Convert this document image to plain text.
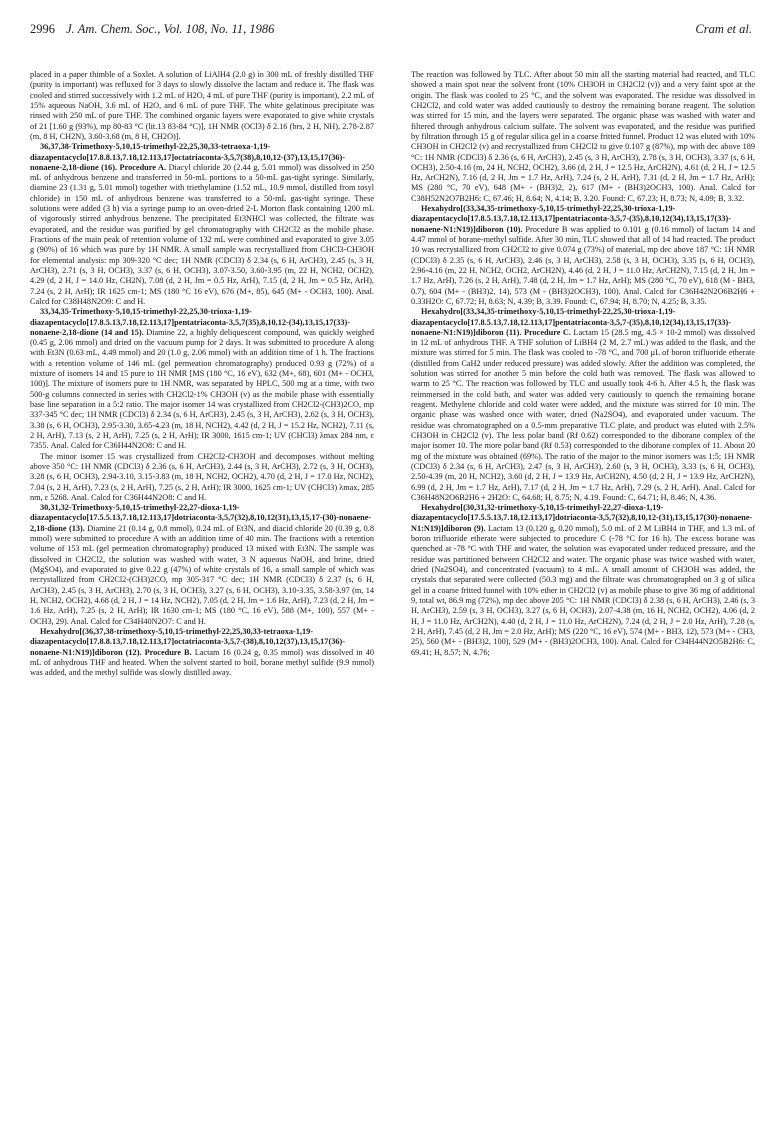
2996 J. Am. Chem. Soc., Vol. 108, No. 11, 1986	Cram et al.

placed in a paper thimble of a Soxlet. A solution of LiAlH4 (2.0 g) in 300 mL of freshly distilled THF (purity is important) was refluxed for 3 days to slowly dissolve the lactam and reduce it. The flask was cooled and stirred successively with 1.2 mL of H2O, 4 mL of pure THF (purity is important), 2.2 mL of 15% aqueous NaOH, 3.6 mL of H2O, and 6 mL of pure THF. The white gelatinous precipitate was rinsed with 250 mL of pure THF. The combined organic layers were evaporated to give white crystals of 21 [1.60 g (93%), mp 80-83 °C (lit.13 83-84 °C)], 1H NMR (OCl3) δ 2.16 (brs, 2 H, NH), 2.78-2.87 (m, 8 H, CH2N), 3.60-3.68 (m, 8 H, CH2O)].

36,37,38-Trimethoxy-5,10,15-trimethyl-22,25,30,33-tetraoxa-1,19-diazapentacyclo[17.8.8.13,7.18,12.113,17]octatriaconta-3,5,7(38),8,10,12-(37),13,15,17(36)-nonaene-2,18-dione (16). Procedure A. Diacyl chloride 20 (2.44 g, 5.01 mmol) was dissolved in 250 mL of anhydrous benzene and transferred in 50-mL portions to a 50-mL gas-tight syringe. Similarly, diamine 23 (1.31 g, 5.01 mmol) together with triethylamine (1.52 mL, 10.9 mmol, distilled from tosyl chloride) in 150 mL of anhydrous benzene was transferred to a 50-mL gas-tight syringe. These solutions were added (3 h) via a syringe pump to an oven-dried 2-L Morton flask containing 1200 mL of vigorously stirred anhydrous benzene. The precipitated Et3NHCl was collected, the filtrate was evaporated, and the residue was purified by gel chromatography with CH2Cl2 as the mobile phase. Fractions of the main peak of retention volume of 132 mL were combined and evaporated to give 3.05 g (90%) of 16 which was pure by 1H NMR. A small sample was recrystallized from CHCl3-CH3OH for elemental analysis: mp 309-320 °C dec; 1H NMR (CDCl3) δ 2.34 (s, 6 H, ArCH3), 2.45 (s, 3 H, ArCH3), 2.71 (s, 3 H, OCH3), 3.37 (s, 6 H, OCH3), 3.07-3.50, 3.60-3.95 (m, 22 H, NCH2, OCH2), 4.29 (d, 2 H, J = 14.0 Hz, CH2N), 7.08 (d, 2 H, Jm = 0.5 Hz, ArH), 7.15 (d, 2 H, Jm = 0.5 Hz, ArH), 7.24 (s, 2 H, ArH); IR 1625 cm-1; MS (180 °C 16 eV), 676 (M+, 85), 645 (M+ - OCH3, 100). Anal. Calcd for C38H48N2O9: C and H.

33,34,35-Trimethoxy-5,10,15-trimethyl-22,25,30-trioxa-1,19-diazapentacyclo[17.8.5.13,7.18,12.113,17]pentatriaconta-3,5,7(35),8,10,12-(34),13,15,17(33)-nonaene-2,18-dione (14 and 15). Diamine 22, a highly deliquescent compound, was quickly weighed (0.45 g, 2.06 mmol) and dried on the vacuum pump for 2 days. It was submitted to procedure A along with Et3N (0.63 mL, 4.49 mmol) and 20 (1.0 g, 2.06 mmol) with an addition time of 1 h. The fractions with a retention volume of 146 mL (gel permeation chromatography) produced 0.93 g (72%) of a mixture of isomers 14 and 15 pure to 1H NMR [MS (180 °C, 16 eV), 632 (M+, 68), 601 (M+ - OCH3, 100)]. The mixture of isomers pure to 1H NMR, was separated by HPLC, 500 mg at a time, with two 500-g columns connected in series with CH2Cl2-1% CH3OH (v) as the mobile phase with essentially base line separation in a 5:2 ratio. The major isomer 14 was crystallized from CH2Cl2-(CH3)2CO, mp 337-345 °C dec; 1H NMR (CDCl3) δ 2.34 (s, 6 H, ArCH3), 2.45 (s, 3 H, ArCH3), 2.62 (s, 3 H, OCH3), 3.38 (s, 6 H, OCH3), 2.95-3.30, 3.65-4.23 (m, 18 H, NCH2), 4.42 (d, 2 H, J = 15.2 Hz, NCH2), 7.11 (s, 2 H, ArH), 7.13 (s, 2 H, ArH), 7.25 (s, 2 H, ArH); IR 3000, 1615 cm-1; UV (CHCl3) λmax 284 nm, ε 7355. Anal. Calcd for C36H44N2O8: C and H.

The minor isomer 15 was crystallized from CH2Cl2-CH3OH and decomposes without melting above 350 °C: 1H NMR (CDCl3) δ 2.36 (s, 6 H, ArCH3), 2.44 (s, 3 H, ArCH3), 2.72 (s, 3 H, OCH3), 3.28 (s, 6 H, OCH3), 2.94-3.10, 3.15-3.83 (m, 18 H, NCH2, OCH2), 4.70 (d, 2 H, J = 17.0 Hz, NCH2), 7.04 (s, 2 H, ArH), 7.23 (s, 2 H, ArH), 7.25 (s, 2 H, ArH); IR 3000, 1625 cm-1; UV (CHCl3) λmax, 285 nm, ε 5268. Anal. Calcd for C36H44N2O8: C and H.

30,31,32-Trimethoxy-5,10,15-trimethyl-22,27-dioxa-1,19-diazapentacyclo[17.5.5.13,7.18,12.113,17]dotriaconta-3,5,7(32),8,10,12(31),13,15,17-(30)-nonaene-2,18-dione (13). Diamine 21 (0.14 g, 0.8 mmol), 0.24 mL of Et3N, and diacid chloride 20 (0.39 g, 0.8 mmol) were submitted to procedure A with an addition time of 40 min. The fractions with a retention volume of 153 mL (gel permeation chromatography) produced 13 mixed with Et3N. The sample was dissolved in CH2Cl2, the solution was washed with water, 3 N aqueous NaOH, and brine, dried (MgSO4), and evaporated to give 0.22 g (47%) of white crystals of 16, a small sample of which was recrystallized from CH2Cl2-(CH3)2CO, mp 305-317 °C dec; 1H NMR (CDCl3) δ 2.37 (s, 6 H, ArCH3), 2.45 (s, 3 H, ArCH3), 2.70 (s, 3 H, OCH3), 3.27 (s, 6 H, OCH3), 3.10-3.35, 3.58-3.97 (m, 14 H, NCH2, OCH2), 4.68 (d, 2 H, J = 14 Hz, NCH2), 7.05 (d, 2 H, Jm = 1.6 Hz, ArH), 7.23 (d, 2 H, Jm = 1.6 Hz, ArH), 7.25 (s, 2 H, ArH); IR 1630 cm-1; MS (180 °C, 16 eV), 588 (M+, 100), 557 (M+ - OCH3, 29). Anal. Calcd for C34H40N2O7: C and H.

Hexahydro[(36,37,38-trimethoxy-5,10,15-trimethyl-22,25,30,33-tetraoxa-1,19-diazapentacyclo[17.8.8.13,7.18,12.113,17]octatriaconta-3,5,7-(38),8,10,12(37),13,15,17(36)-nonaene-N1:N19)]diboron (12). Procedure B. Lactam 16 (0.24 g, 0.35 mmol) was dissolved in 40 mL of anhydrous THF and heated. When the solvent started to boil, borane methyl sulfide (9.9 mmol) was added, and the methyl sulfide was slowly distilled away.

The reaction was followed by TLC. After about 50 min all the starting material had reacted, and TLC showed a main spot near the solvent front (10% CH3OH in CH2Cl2 (v)) and a very faint spot at the origin. The flask was cooled to 25 °C, and the solvent was evaporated. The residue was dissolved in CH2Cl2, and cold water was added cautiously to destroy the remaining borane reagent. The solution was stirred for 15 min, and the layers were separated. The organic phase was washed with water and filtered through anhydrous calcium sulfate. The solvent was evaporated, and the residue was purified by filtration through 15 g of regular silica gel in a coarse fritted funnel. Product 12 was eluted with 10% CH3OH in CH2Cl2 (v) and recrystallized from CH2Cl2 to give 0.107 g (87%), mp with dec above 189 °C: 1H NMR (CDCl3) δ 2.36 (s, 6 H, ArCH3), 2.45 (s, 3 H, ArCH3), 2.78 (s, 3 H, OCH3), 3.37 (s, 6 H, OCH3), 2.50-4.16 (m, 24 H, NCH2, OCH2), 3.66 (d, 2 H, J = 12.5 Hz, ArCH2N), 4.61 (d, 2 H, J = 12.5 Hz, ArCH2N), 7.16 (d, 2 H, Jm = 1.7 Hz, ArH), 7.24 (s, 2 H, ArH), 7.31 (d, 2 H, Jm = 1.7 Hz, ArH); MS (280 °C, 70 eV), 648 (M+ - (BH3)2, 2), 617 (M+ - (BH3)2OCH3, 100). Anal. Calcd for C38H52N2O7B2H6: C, 67.46; H, 8.64; N, 4.14; B, 3.20. Found: C, 67.23; H, 8.73; N, 4.09; B, 3.32.

Hexahydro[(33,34,35-trimethoxy-5,10,15-trimethyl-22,25,30-trioxa-1,19-diazapentacyclo[17.8.5.13,7.18,12.113,17]pentatriaconta-3,5,7-(35),8,10,12(34),13,15,17(33)-nonaene-N1:N19)]diboron (10). Procedure B was applied to 0.101 g (0.16 mmol) of lactam 14 and 4.47 mmol of borane-methyl sulfide. After 30 min, TLC showed that all of 14 had reacted. The product 10 was recrystallized from CH2Cl2 to give 0.074 g (73%) of material, mp dec above 187 °C: 1H NMR (CDCl3) δ 2.35 (s, 6 H, ArCH3), 2.46 (s, 3 H, ArCH3), 2.58 (s, 3 H, OCH3), 3.35 (s, 6 H, OCH3), 2.96-4.16 (m, 22 H, NCH2, OCH2, ArCH2N), 4.46 (d, 2 H, J = 11.0 Hz, ArCH2N), 7.15 (d, 2 H, Jm = 1.7 Hz, ArH), 7.26 (s, 2 H, ArH), 7.48 (d, 2 H, Jm = 1.7 Hz, ArH); MS (280 °C, 70 eV), 618 (M - BH3, 0.7), 604 (M+ - (BH3)2, 14), 573 (M - (BH3)2OCH3), 100). Anal. Calcd for C36H42N2O6B2H6 + 0.33H2O: C, 67.72; H, 8.63; N, 4.39; B, 3.39. Found: C, 67.94; H, 8.70; N, 4.25; B, 3.35.

Hexahydro[(33,34,35-trimethoxy-5,10,15-trimethyl-22,25,30-trioxa-1,19-diazapentacyclo[17.8.5.13,7.18,12.113,17]pentatriaconta-3,5,7-(35),8,10,12(34),13,15,17(33)-nonaene-N1:N19)]diboron (11). Procedure C. Lactam 15 (28.5 mg, 4.5 × 10-2 mmol) was dissolved in 12 mL of anhydrous THF. A THF solution of LiBH4 (2 M, 2.7 mL) was added to the flask, and the mixture was stirred for 5 min. The flask was cooled to -78 °C, and 700 μL of boron trifluoride etherate (distilled from CaH2 under reduced pressure) was added slowly. After the addition was completed, the solution was stirred for another 5 min before the cold bath was removed. The flask was allowed to warm to 25 °C. The reaction was followed by TLC and usually took 4-6 h. After 4.5 h, the flask was reimmersed in the cold bath, and water was added very cautiously to quench the remaining borane reagent. Methylene chloride and cold water were added, and the mixture was stirred for 10 min. The organic phase was washed once with water, dried (Na2SO4), and evaporated under vacuum. The residue was chromatographed on a 0.5-mm preparative TLC plate, and product was eluted with 2.5% CH3OH in CH2Cl2 (v). The less polar band (Rf 0.62) corresponded to the diborane complex of the major isomer 10. The more polar band (Rf 0.53) corresponded to the diborane complex of 11. About 20 mg of the mixture was obtained (69%). The ratio of the major to the minor isomers was 1:5; 1H NMR (CDCl3) δ 2.34 (s, 6 H, ArCH3), 2.47 (s, 3 H, ArCH3), 2.60 (s, 3 H, OCH3), 3.33 (s, 6 H, OCH3), 2.50-4.39 (m, 20 H, NCH2), 3.60 (d, 2 H, J = 13.9 Hz, ArCH2N), 4.50 (d, 2 H, J = 13.9 Hz, ArCH2N), 6.99 (d, 2 H, Jm = 1.7 Hz, ArH), 7.17 (d, 2 H, Jm = 1.7 Hz, ArH), 7.29 (s, 2 H, ArH). Anal. Calcd for C36H48N2O6B2H6 + 2H2O: C, 64.68; H, 8.75; N, 4.19. Found: C, 64.71; H, 8.46; N, 4.36.

Hexahydro[(30,31,32-trimethoxy-5,10,15-trimethyl-22,27-dioxa-1,19-diazapentacyclo[17.5.5.13,7.18,12.113,17]dotriaconta-3,5,7(32),8,10,12-(31),13,15,17(30)-nonaene-N1:N19)]diboron (9). Lactam 13 (0.120 g, 0.20 mmol), 5.0 mL of 2 M LiBH4 in THF, and 1.3 mL of boron trifluoride etherate were subjected to procedure C (-78 °C for 16 h). The excess borane was quenched at -78 °C with THF and water, the solution was evaporated under reduced pressure, and the residue was partitioned between CH2Cl2 and water. The organic phase was twice washed with water, dried (Na2SO4), and concentrated (vacuum) to 4 mL. A small amount of CH3OH was added, the crystals that separated were collected (50.3 mg) and the filtrate was chromatographed on 3 g of silica gel in a coarse fritted funnel with 10% ether in CH2Cl2 (v) as mobile phase to give 36 mg of additional 9, total wt, 86.9 mg (72%), mp dec above 205 °C: 1H NMR (CDCl3) δ 2.38 (s, 6 H, ArCH3), 2.46 (s, 3 H, ArCH3), 2.59 (s, 3 H, OCH3), 3.27 (s, 6 H, OCH3), 2.07-4.38 (m, 16 H, NCH2, OCH2), 4.06 (d, 2 H, J = 11.0 Hz, ArCH2N), 4.40 (d, 2 H, J = 11.0 Hz, ArCH2N), 7.24 (d, 2 H, J = 2.0 Hz, ArH), 7.28 (s, 2 H, ArH), 7.45 (d, 2 H, Jm = 2.0 Hz, ArH); MS (220 °C, 16 eV), 574 (M+ - BH3, 12), 573 (M+ - CH3, 25), 560 (M+ - (BH3)2, 100), 529 (M+ - (BH3)2OCH3, 100). Anal. Calcd for C34H44N2O5B2H6: C, 69.41; H, 8.57; N, 4.76;
